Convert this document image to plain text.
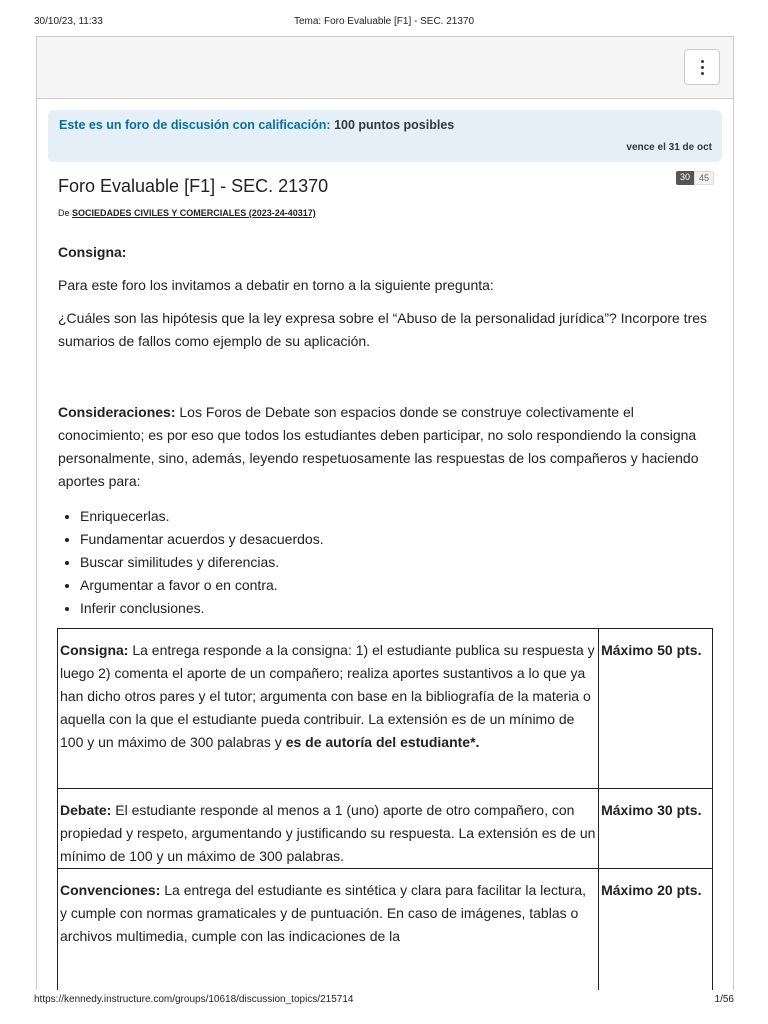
30/10/23, 11:33	Tema: Foro Evaluable [F1] - SEC. 21370
Este es un foro de discusión con calificación: 100 puntos posibles
vence el 31 de oct
Foro Evaluable [F1] - SEC. 21370	30	45
De SOCIEDADES CIVILES Y COMERCIALES (2023-24-40317)
Consigna:

Para este foro los invitamos a debatir en torno a la siguiente pregunta:

¿Cuáles son las hipótesis que la ley expresa sobre el “Abuso de la personalidad jurídica”? Incorpore tres sumarios de fallos como ejemplo de su aplicación.

Consideraciones: Los Foros de Debate son espacios donde se construye colectivamente el conocimiento; es por eso que todos los estudiantes deben participar, no solo respondiendo la consigna personalmente, sino, además, leyendo respetuosamente las respuestas de los compañeros y haciendo aportes para:

• Enriquecerlas.
• Fundamentar acuerdos y desacuerdos.
• Buscar similitudes y diferencias.
• Argumentar a favor o en contra.
• Inferir conclusiones.
Consigna: La entrega responde a la consigna: 1) el estudiante publica su respuesta y luego 2) comenta el aporte de un compañero; realiza aportes sustantivos a lo que ya han dicho otros pares y el tutor; argumenta con base en la bibliografía de la materia o aquella con la que el estudiante pueda contribuir. La extensión es de un mínimo de 100 y un máximo de 300 palabras y es de autoría del estudiante*.	Máximo 50 pts.
Debate: El estudiante responde al menos a 1 (uno) aporte de otro compañero, con propiedad y respeto, argumentando y justificando su respuesta. La extensión es de un mínimo de 100 y un máximo de 300 palabras.	Máximo 30 pts.
Convenciones: La entrega del estudiante es sintética y clara para facilitar la lectura, y cumple con normas gramaticales y de puntuación. En caso de imágenes, tablas o archivos multimedia, cumple con las indicaciones de la	Máximo 20 pts.
https://kennedy.instructure.com/groups/10618/discussion_topics/215714	1/56
